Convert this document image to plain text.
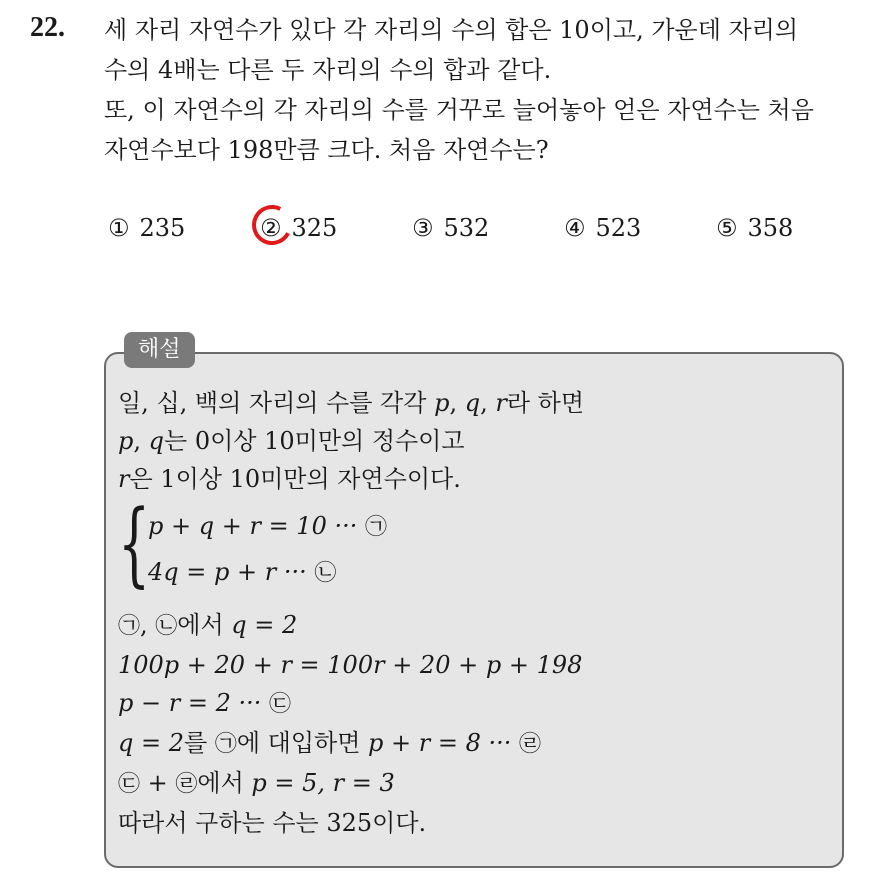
22. 세 자리 자연수가 있다 각 자리의 수의 합은 10이고, 가운데 자리의
수의 4배는 다른 두 자리의 수의 합과 같다.
또, 이 자연수의 각 자리의 수를 거꾸로 늘어놓아 얻은 자연수는 처음
자연수보다 198만큼 크다. 처음 자연수는?
① 235	② 325	③ 532	④ 523	⑤ 358
해설
일, 십, 백의 자리의 수를 각각 p, q, r라 하면
p, q는 0이상 10미만의 정수이고
r은 1이상 10미만의 자연수이다.
{
p + q + r = 10 ··· ㉠
4q = p + r ··· ㉡
㉠, ㉡에서 q = 2
100p + 20 + r = 100r + 20 + p + 198
p − r = 2 ··· ㉢
q = 2를 ㉠에 대입하면 p + r = 8 ··· ㉣
㉢ + ㉣에서 p = 5, r = 3
따라서 구하는 수는 325이다.
